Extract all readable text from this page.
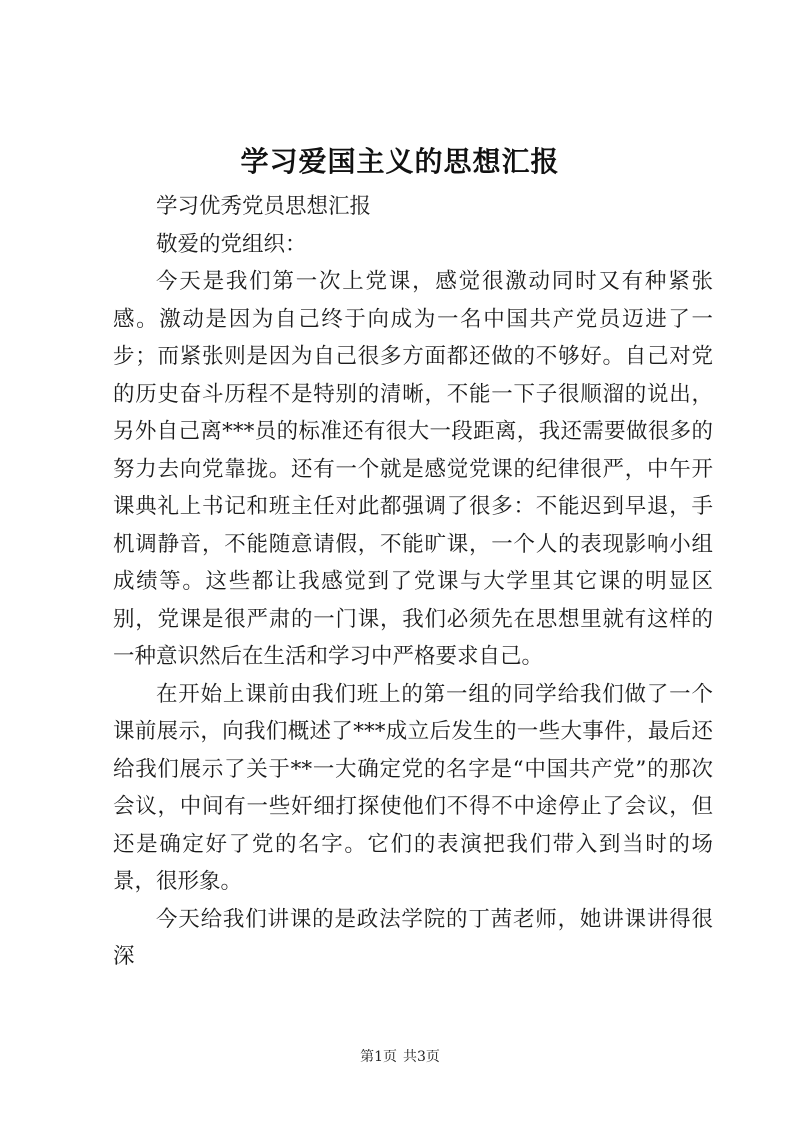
学习爱国主义的思想汇报

学习优秀党员思想汇报

敬爱的党组织：

今天是我们第一次上党课，感觉很激动同时又有种紧张感。激动是因为自己终于向成为一名中国共产党员迈进了一步；而紧张则是因为自己很多方面都还做的不够好。自己对党的历史奋斗历程不是特别的清晰，不能一下子很顺溜的说出，另外自己离***员的标准还有很大一段距离，我还需要做很多的努力去向党靠拢。还有一个就是感觉党课的纪律很严，中午开课典礼上书记和班主任对此都强调了很多：不能迟到早退，手机调静音，不能随意请假，不能旷课，一个人的表现影响小组成绩等。这些都让我感觉到了党课与大学里其它课的明显区别，党课是很严肃的一门课，我们必须先在思想里就有这样的一种意识然后在生活和学习中严格要求自己。

在开始上课前由我们班上的第一组的同学给我们做了一个课前展示，向我们概述了***成立后发生的一些大事件，最后还给我们展示了关于**一大确定党的名字是“中国共产党”的那次会议，中间有一些奸细打探使他们不得不中途停止了会议，但还是确定好了党的名字。它们的表演把我们带入到当时的场景，很形象。

今天给我们讲课的是政法学院的丁茜老师，她讲课讲得很深

第1页 共3页
